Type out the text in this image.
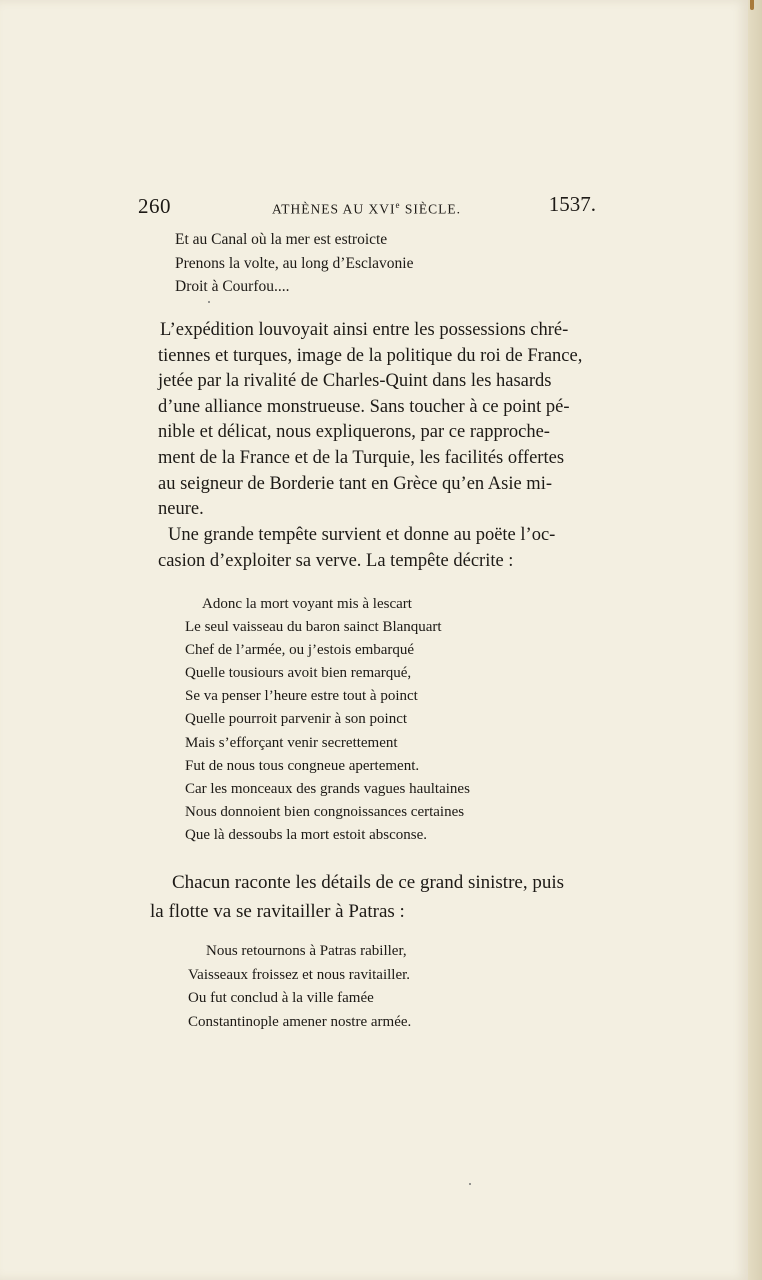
260	ATHÈNES AU XVIe SIÈCLE.	1537.
Et au Canal où la mer est estroicte
Prenons la volte, au long d’Esclavonie
Droit à Courfou....

L’expédition louvoyait ainsi entre les possessions chré-
tiennes et turques, image de la politique du roi de France,
jetée par la rivalité de Charles-Quint dans les hasards
d’une alliance monstrueuse. Sans toucher à ce point pé-
nible et délicat, nous expliquerons, par ce rapproche-
ment de la France et de la Turquie, les facilités offertes
au seigneur de Borderie tant en Grèce qu’en Asie mi-
neure.

Une grande tempête survient et donne au poëte l’oc-
casion d’exploiter sa verve. La tempête décrite :

Adonc la mort voyant mis à lescart
Le seul vaisseau du baron sainct Blanquart
Chef de l’armée, ou j’estois embarqué
Quelle tousiours avoit bien remarqué,
Se va penser l’heure estre tout à poinct
Quelle pourroit parvenir à son poinct
Mais s’efforçant venir secrettement
Fut de nous tous congneue apertement.
Car les monceaux des grands vagues haultaines
Nous donnoient bien congnoissances certaines
Que là dessoubs la mort estoit absconse.

Chacun raconte les détails de ce grand sinistre, puis
la flotte va se ravitailler à Patras :

Nous retournons à Patras rabiller,
Vaisseaux froissez et nous ravitailler.
Ou fut conclud à la ville famée
Constantinople amener nostre armée.
